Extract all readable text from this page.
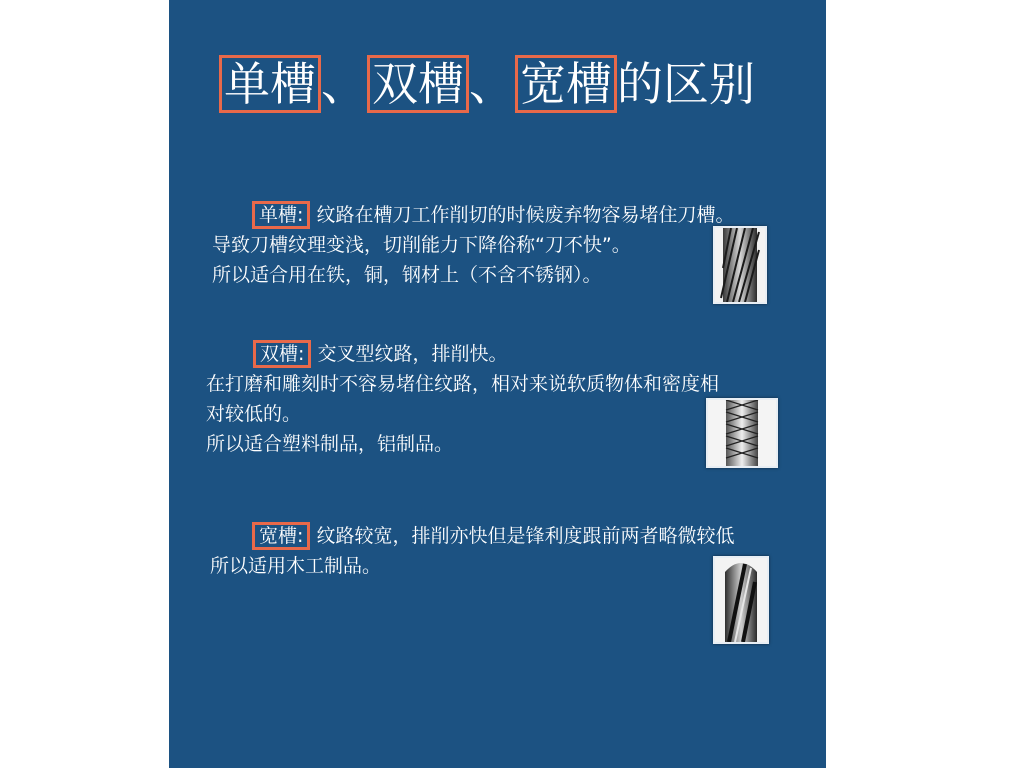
单槽 、 双槽 、 宽槽 的区别
单槽: 纹路在槽刀工作削切的时候废弃物容易堵住刀槽。
导致刀槽纹理变浅，切削能力下降俗称“刀不快”。
所以适合用在铁，铜，钢材上（不含不锈钢）。
双槽: 交叉型纹路，排削快。
在打磨和雕刻时不容易堵住纹路，相对来说软质物体和密度相
对较低的。
所以适合塑料制品，铝制品。
宽槽: 纹路较宽，排削亦快但是锋利度跟前两者略微较低
所以适用木工制品。
